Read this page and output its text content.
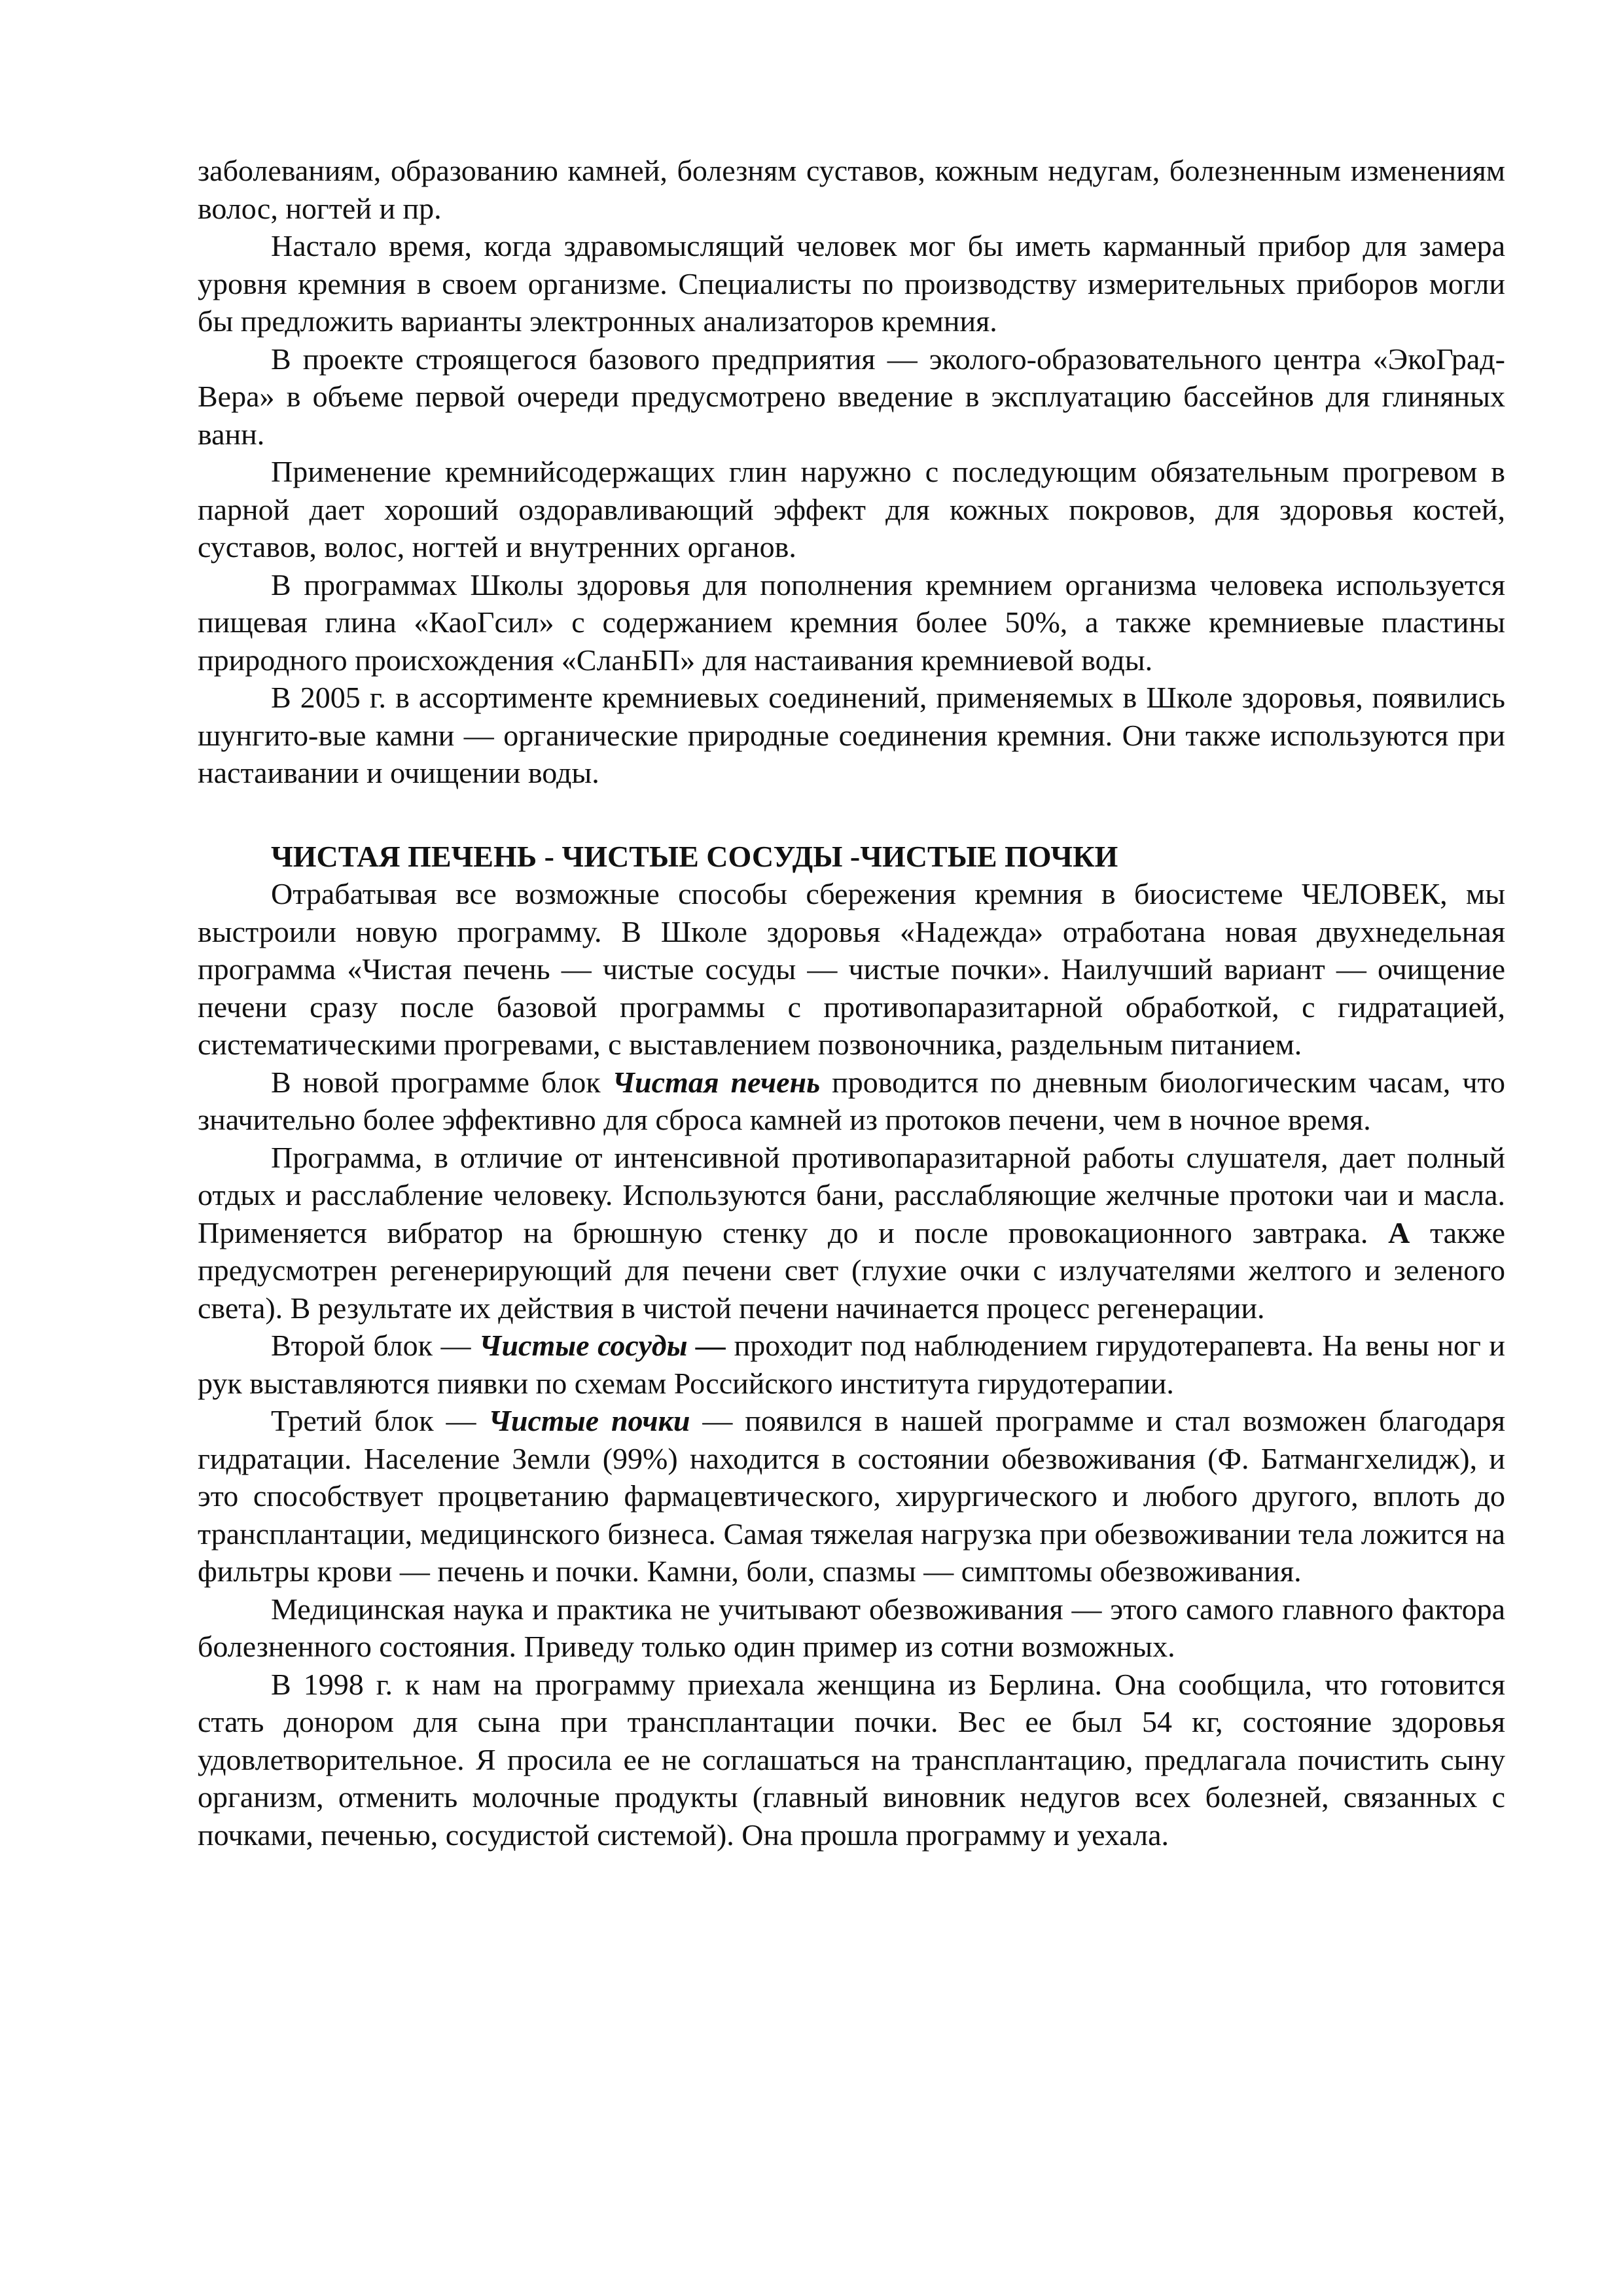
заболеваниям, образованию камней, болезням суставов, кожным недугам, болезненным изменениям волос, ногтей и пр.

Настало время, когда здравомыслящий человек мог бы иметь карманный прибор для замера уровня кремния в своем организме. Специалисты по производству измерительных приборов могли бы предложить варианты электронных анализаторов кремния.

В проекте строящегося базового предприятия — эколого-образовательного центра «ЭкоГрад-Вера» в объеме первой очереди предусмотрено введение в эксплуатацию бассейнов для глиняных ванн.

Применение кремнийсодержащих глин наружно с последующим обязательным прогревом в парной дает хороший оздоравливающий эффект для кожных покровов, для здоровья костей, суставов, волос, ногтей и внутренних органов.

В программах Школы здоровья для пополнения кремнием организма человека используется пищевая глина «КаоГсил» с содержанием кремния более 50%, а также кремниевые пластины природного происхождения «СланБП» для настаивания кремниевой воды.

В 2005 г. в ассортименте кремниевых соединений, применяемых в Школе здоровья, появились шунгито-вые камни — органические природные соединения кремния. Они также используются при настаивании и очищении воды.

ЧИСТАЯ ПЕЧЕНЬ - ЧИСТЫЕ СОСУДЫ -ЧИСТЫЕ ПОЧКИ

Отрабатывая все возможные способы сбережения кремния в биосистеме ЧЕЛОВЕК, мы выстроили новую программу. В Школе здоровья «Надежда» отработана новая двухнедельная программа «Чистая печень — чистые сосуды — чистые почки». Наилучший вариант — очищение печени сразу после базовой программы с противопаразитарной обработкой, с гидратацией, систематическими прогревами, с выставлением позвоночника, раздельным питанием.

В новой программе блок Чистая печень проводится по дневным биологическим часам, что значительно более эффективно для сброса камней из протоков печени, чем в ночное время.

Программа, в отличие от интенсивной противопаразитарной работы слушателя, дает полный отдых и расслабление человеку. Используются бани, расслабляющие желчные протоки чаи и масла. Применяется вибратор на брюшную стенку до и после провокационного завтрака. А также предусмотрен регенерирующий для печени свет (глухие очки с излучателями желтого и зеленого света). В результате их действия в чистой печени начинается процесс регенерации.

Второй блок — Чистые сосуды — проходит под наблюдением гирудотерапевта. На вены ног и рук выставляются пиявки по схемам Российского института гирудотерапии.

Третий блок — Чистые почки — появился в нашей программе и стал возможен благодаря гидратации. Население Земли (99%) находится в состоянии обезвоживания (Ф. Батмангхелидж), и это способствует процветанию фармацевтического, хирургического и любого другого, вплоть до трансплантации, медицинского бизнеса. Самая тяжелая нагрузка при обезвоживании тела ложится на фильтры крови — печень и почки. Камни, боли, спазмы — симптомы обезвоживания.

Медицинская наука и практика не учитывают обезвоживания — этого самого главного фактора болезненного состояния. Приведу только один пример из сотни возможных.

В 1998 г. к нам на программу приехала женщина из Берлина. Она сообщила, что готовится стать донором для сына при трансплантации почки. Вес ее был 54 кг, состояние здоровья удовлетворительное. Я просила ее не соглашаться на трансплантацию, предлагала почистить сыну организм, отменить молочные продукты (главный виновник недугов всех болезней, связанных с почками, печенью, сосудистой системой). Она прошла программу и уехала.
